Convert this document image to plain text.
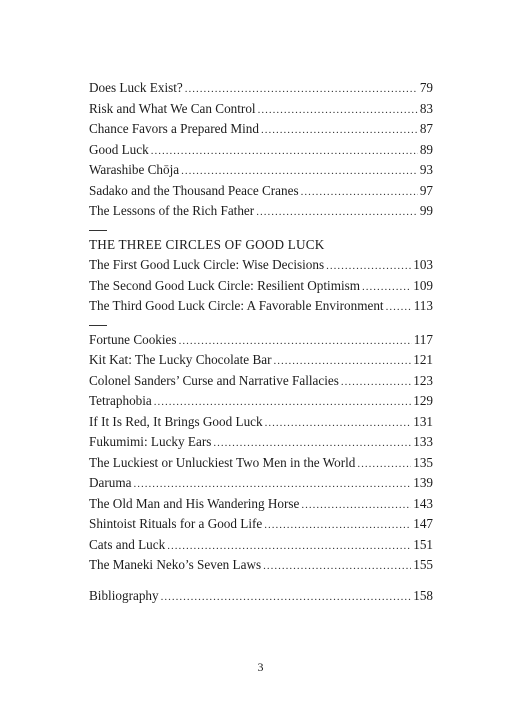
Does Luck Exist? .....	79
Risk and What We Can Control .....	83
Chance Favors a Prepared Mind .....	87
Good Luck .....	89
Warashibe Chōja .....	93
Sadako and the Thousand Peace Cranes .....	97
The Lessons of the Rich Father .....	99
THE THREE CIRCLES OF GOOD LUCK
The First Good Luck Circle: Wise Decisions .....	103
The Second Good Luck Circle: Resilient Optimism .....	109
The Third Good Luck Circle: A Favorable Environment ..... 113
Fortune Cookies .....	117
Kit Kat: The Lucky Chocolate Bar .....	121
Colonel Sanders’ Curse and Narrative Fallacies .....	123
Tetraphobia .....	129
If It Is Red, It Brings Good Luck .....	131
Fukumimi: Lucky Ears .....	133
The Luckiest or Unluckiest Two Men in the World .....	135
Daruma .....	139
The Old Man and His Wandering Horse .....	143
Shintoist Rituals for a Good Life .....	147
Cats and Luck .....	151
The Maneki Neko’s Seven Laws .....	155
Bibliography .....	158
3
